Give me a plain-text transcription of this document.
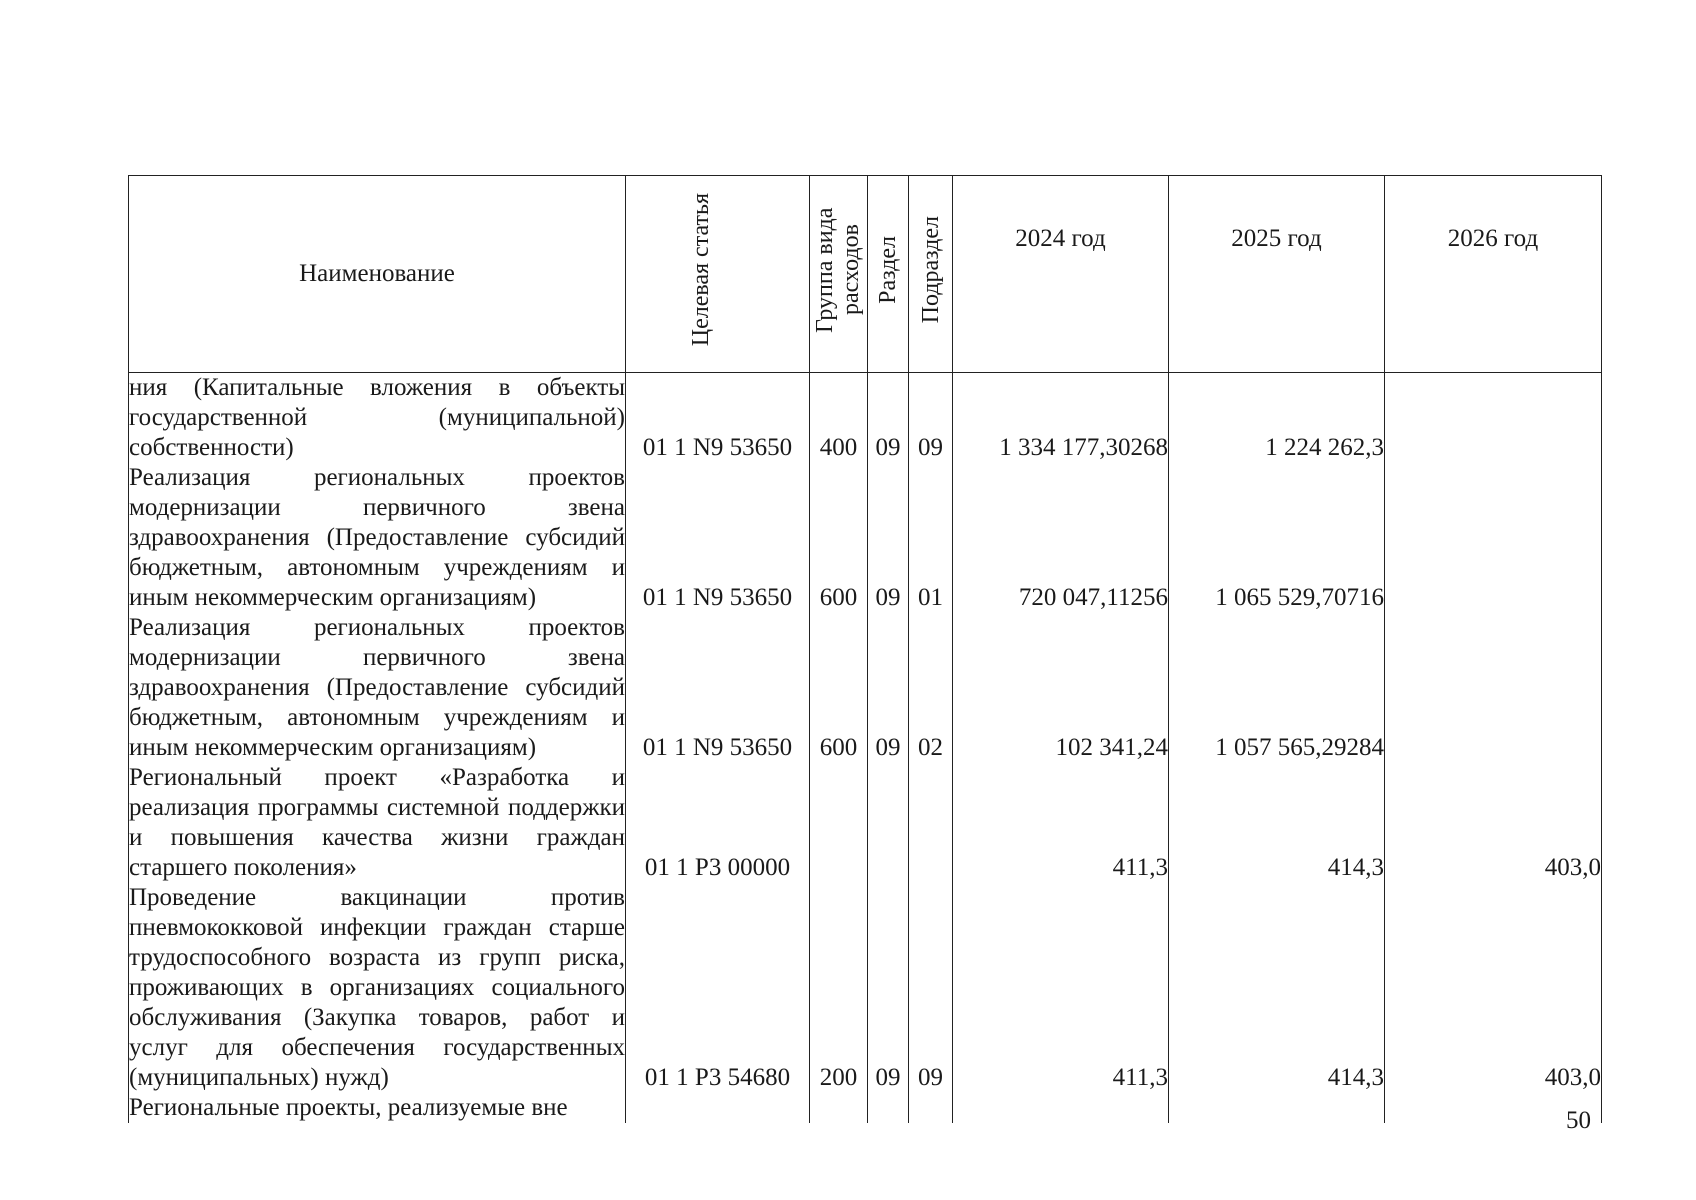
Наименование	Целевая статья	Группа вида расходов	Раздел	Подраздел	2024 год	2025 год	2026 год
ния (Капитальные вложения в объекты государственной (муниципальной) собственности)	01 1 N9 53650	400	09	09	1 334 177,30268	1 224 262,3	
Реализация региональных проектов модернизации первичного звена здравоохранения (Предоставление субсидий бюджетным, автономным учреждениям и иным некоммерческим организациям)	01 1 N9 53650	600	09	01	720 047,11256	1 065 529,70716	
Реализация региональных проектов модернизации первичного звена здравоохранения (Предоставление субсидий бюджетным, автономным учреждениям и иным некоммерческим организациям)	01 1 N9 53650	600	09	02	102 341,24	1 057 565,29284	
Региональный проект «Разработка и реализация программы системной поддержки и повышения качества жизни граждан старшего поколения»	01 1 P3 00000				411,3	414,3	403,0
Проведение вакцинации против пневмококковой инфекции граждан старше трудоспособного возраста из групп риска, проживающих в организациях социального обслуживания (Закупка товаров, работ и услуг для обеспечения государственных (муниципальных) нужд)	01 1 P3 54680	200	09	09	411,3	414,3	403,0
Региональные проекты, реализуемые вне								50
